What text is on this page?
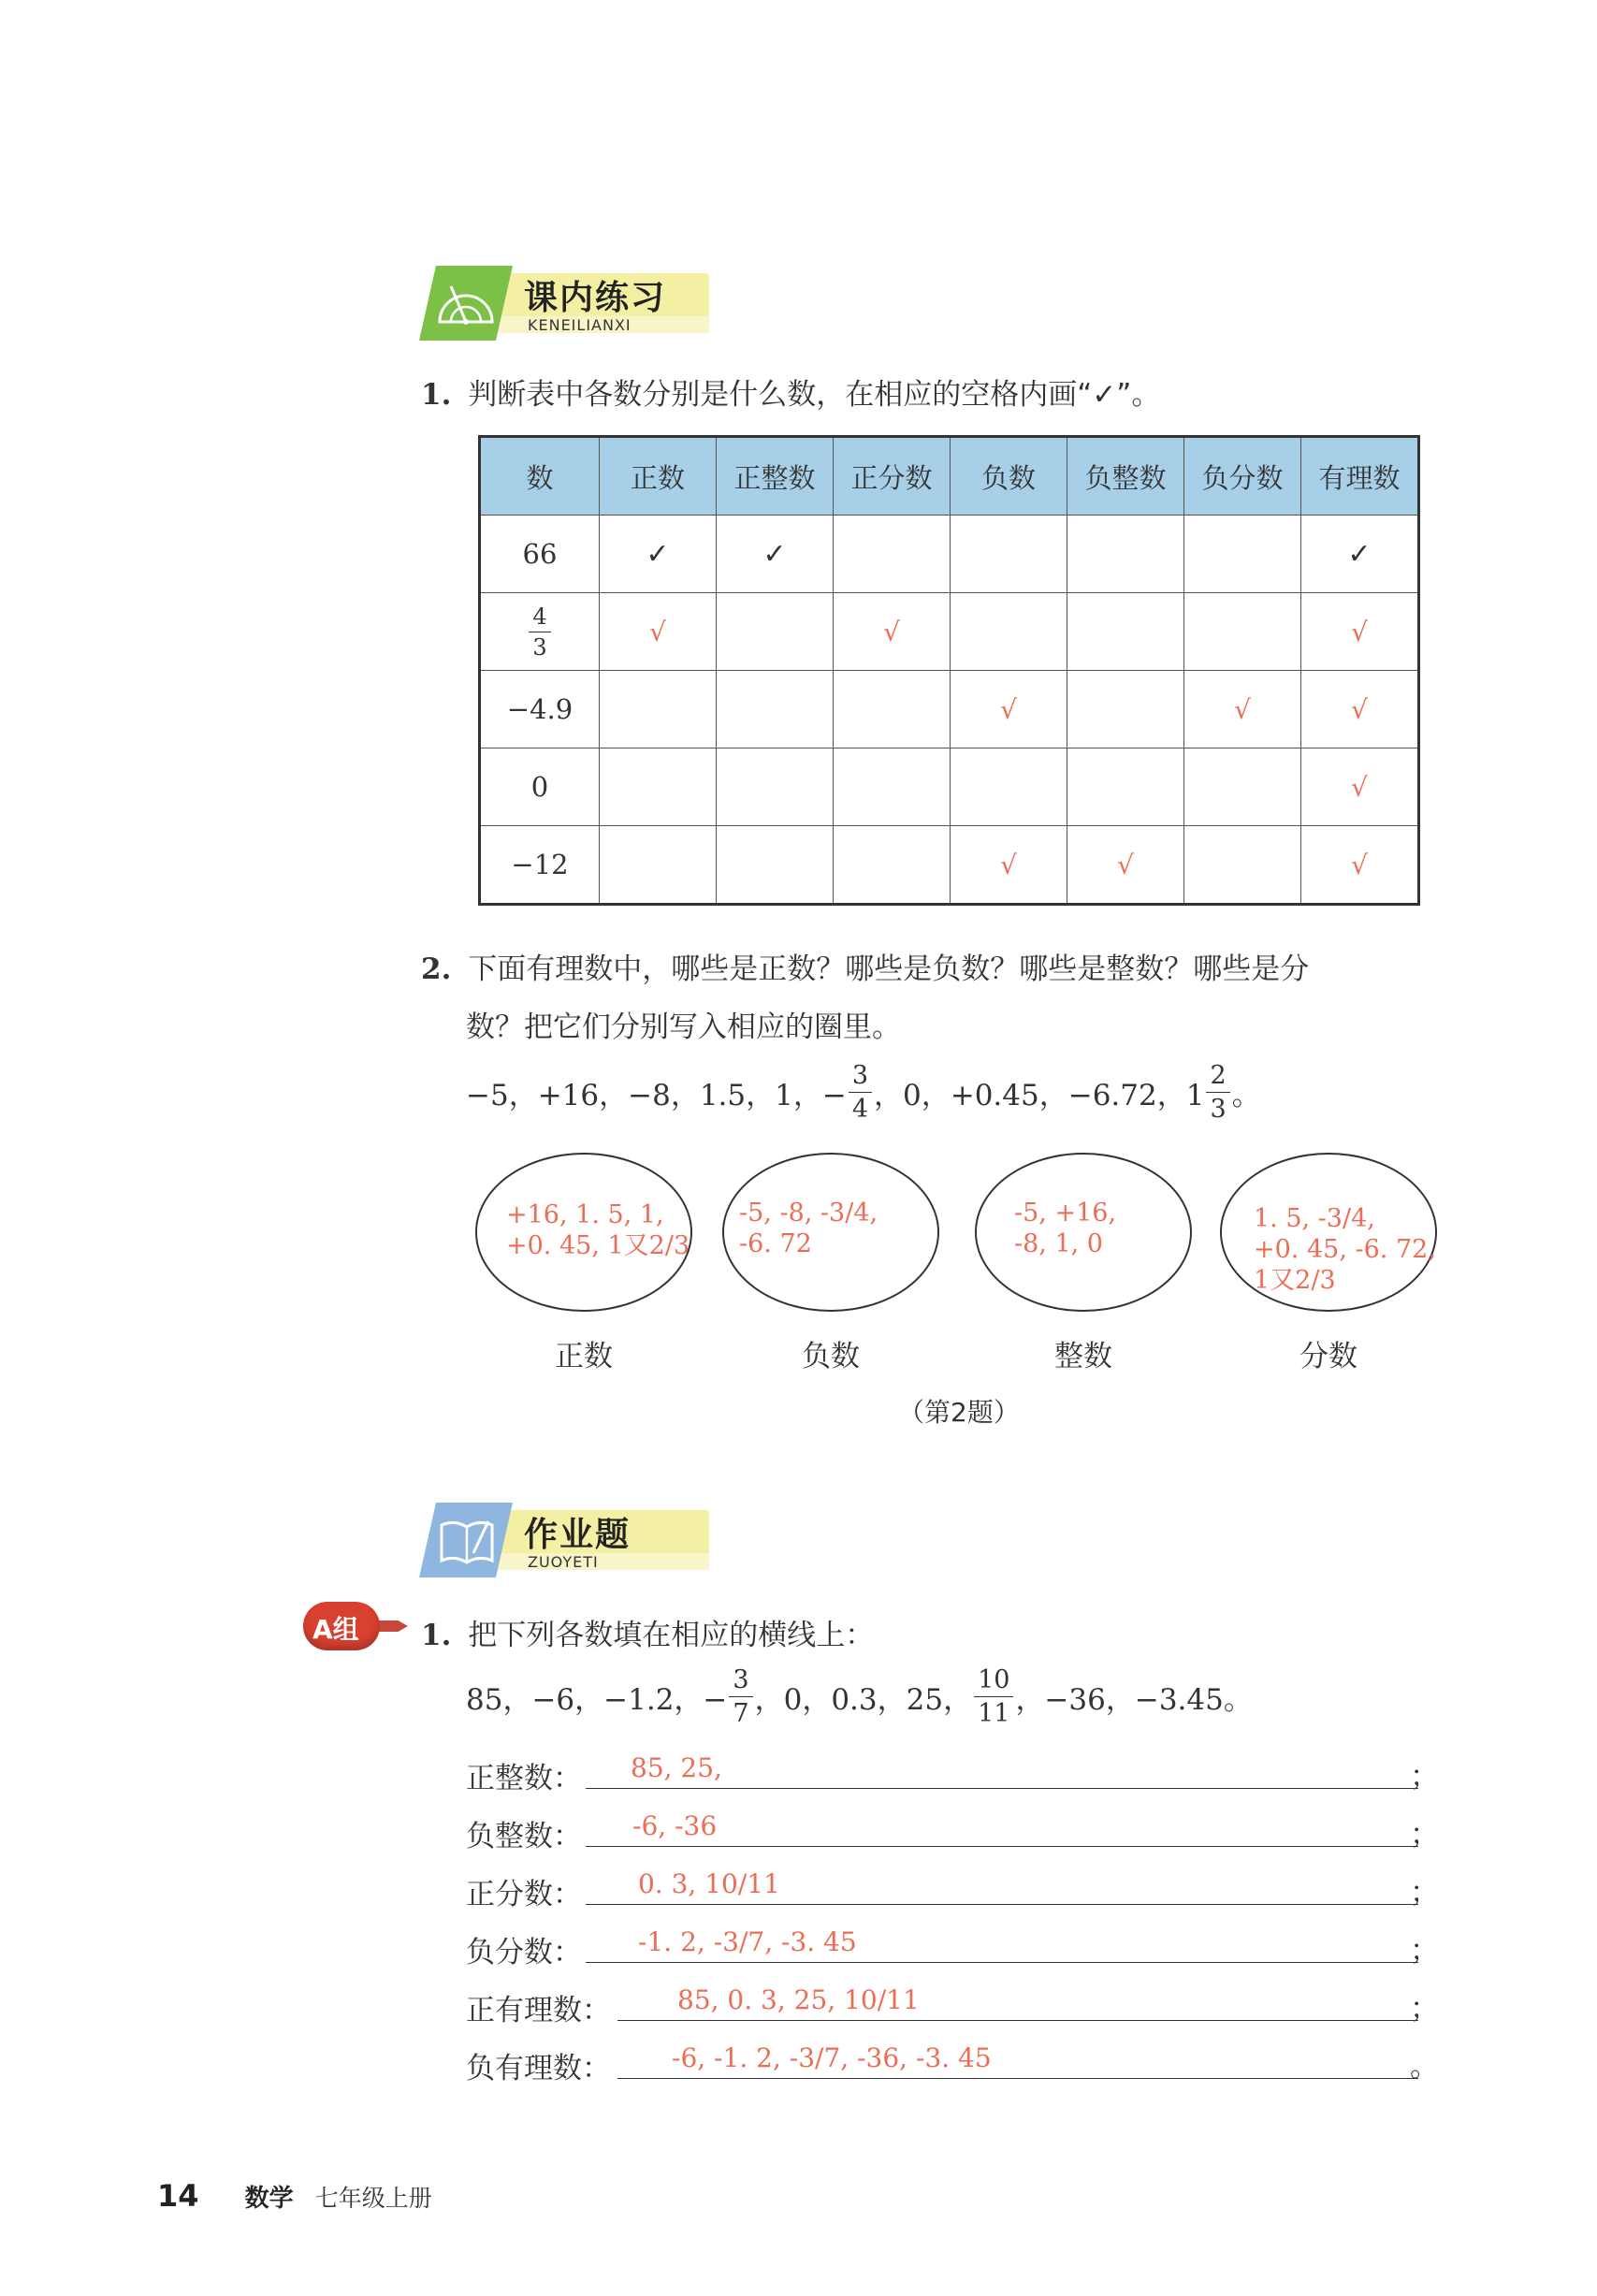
课内练习
KENEILIANXI
1. 判断表中各数分别是什么数，在相应的空格内画“✓”。
数	正数	正整数	正分数	负数	负整数	负分数	有理数
66	✓	✓					✓

$\frac{4}{3}$	√		√				√
−4.9				√		√	√
0							√
−12				√	√		√
2. 下面有理数中，哪些是正数？哪些是负数？哪些是整数？哪些是分
数？把它们分别写入相应的圈里。
−5，+16，−8，1.5，1，− $\frac{3}{4}$ ，0，+0.45，−6.72，$1 \frac{2}{3}$ 。
+16, 1. 5, 1,
+0. 45, 1又2/3
正数
-5, -8, -3/4,
-6. 72
负数
-5, +16,
-8, 1, 0
整数
1. 5, -3/4,
+0. 45, -6. 72,
1又2/3
分数
（第2题）
作业题
ZUOYETI
A组 1. 把下列各数填在相应的横线上：
85，−6，−1.2，− $\frac{3}{7}$ ，0，0.3，25， $\frac{10}{11}$ ，−36，−3.45。
正整数： 85, 25,	；
负整数： -6, -36	；
正分数： 0. 3, 10/11	；
负分数： -1. 2, -3/7, -3. 45	；
正有理数：	85, 0. 3, 25, 10/11	；
负有理数： -6, -1. 2, -3/7, -36, -3. 45	。
14 数学 七年级上册
